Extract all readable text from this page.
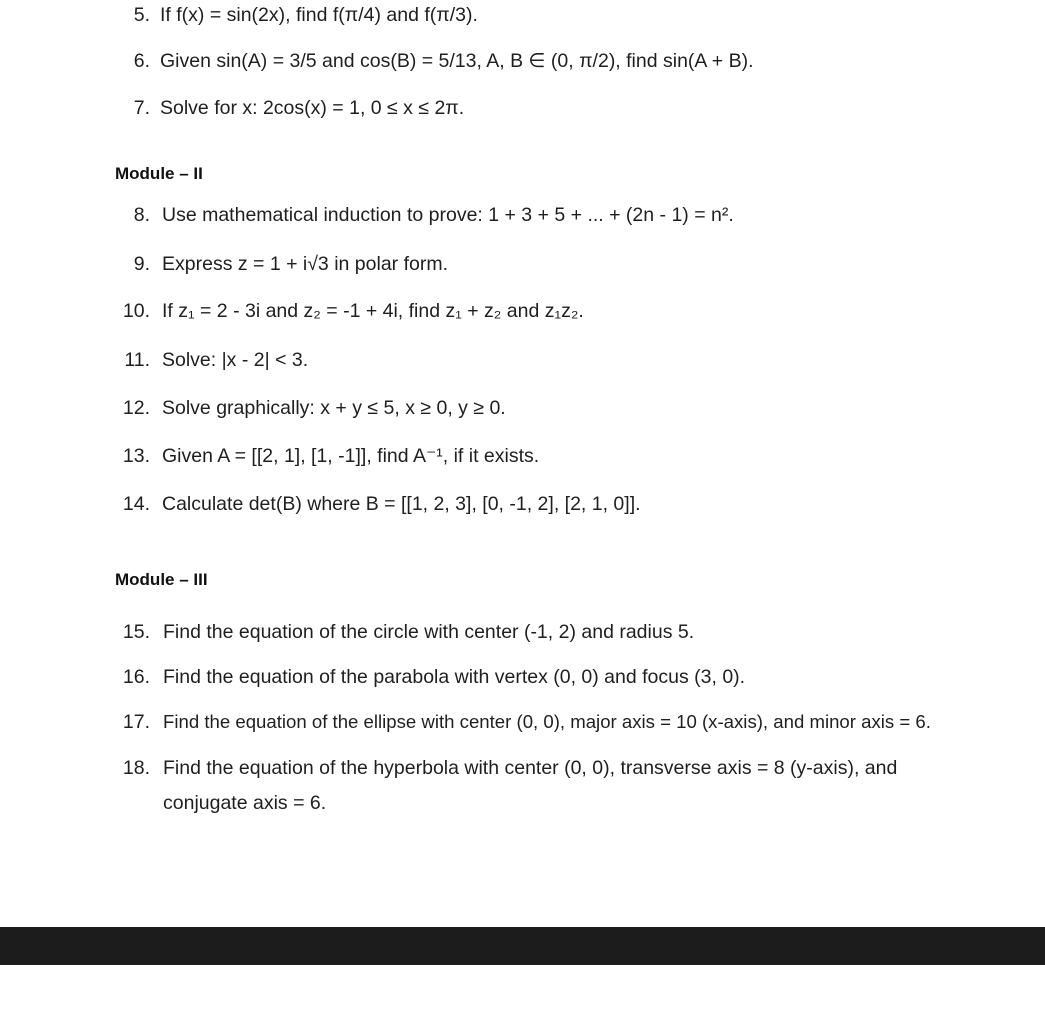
5. If f(x) = sin(2x), find f(π/4) and f(π/3).
6. Given sin(A) = 3/5 and cos(B) = 5/13, A, B ∈ (0, π/2), find sin(A + B).
7. Solve for x: 2cos(x) = 1, 0 ≤ x ≤ 2π.
Module – II
8. Use mathematical induction to prove: 1 + 3 + 5 + ... + (2n - 1) = n².
9. Express z = 1 + i√3 in polar form.
10. If z₁ = 2 - 3i and z₂ = -1 + 4i, find z₁ + z₂ and z₁z₂.
11. Solve: |x - 2| < 3.
12. Solve graphically: x + y ≤ 5, x ≥ 0, y ≥ 0.
13. Given A = [[2, 1], [1, -1]], find A⁻¹, if it exists.
14. Calculate det(B) where B = [[1, 2, 3], [0, -1, 2], [2, 1, 0]].
Module – III
15. Find the equation of the circle with center (-1, 2) and radius 5.
16. Find the equation of the parabola with vertex (0, 0) and focus (3, 0).
17. Find the equation of the ellipse with center (0, 0), major axis = 10 (x-axis), and minor axis = 6.
18. Find the equation of the hyperbola with center (0, 0), transverse axis = 8 (y-axis), and
conjugate axis = 6.
